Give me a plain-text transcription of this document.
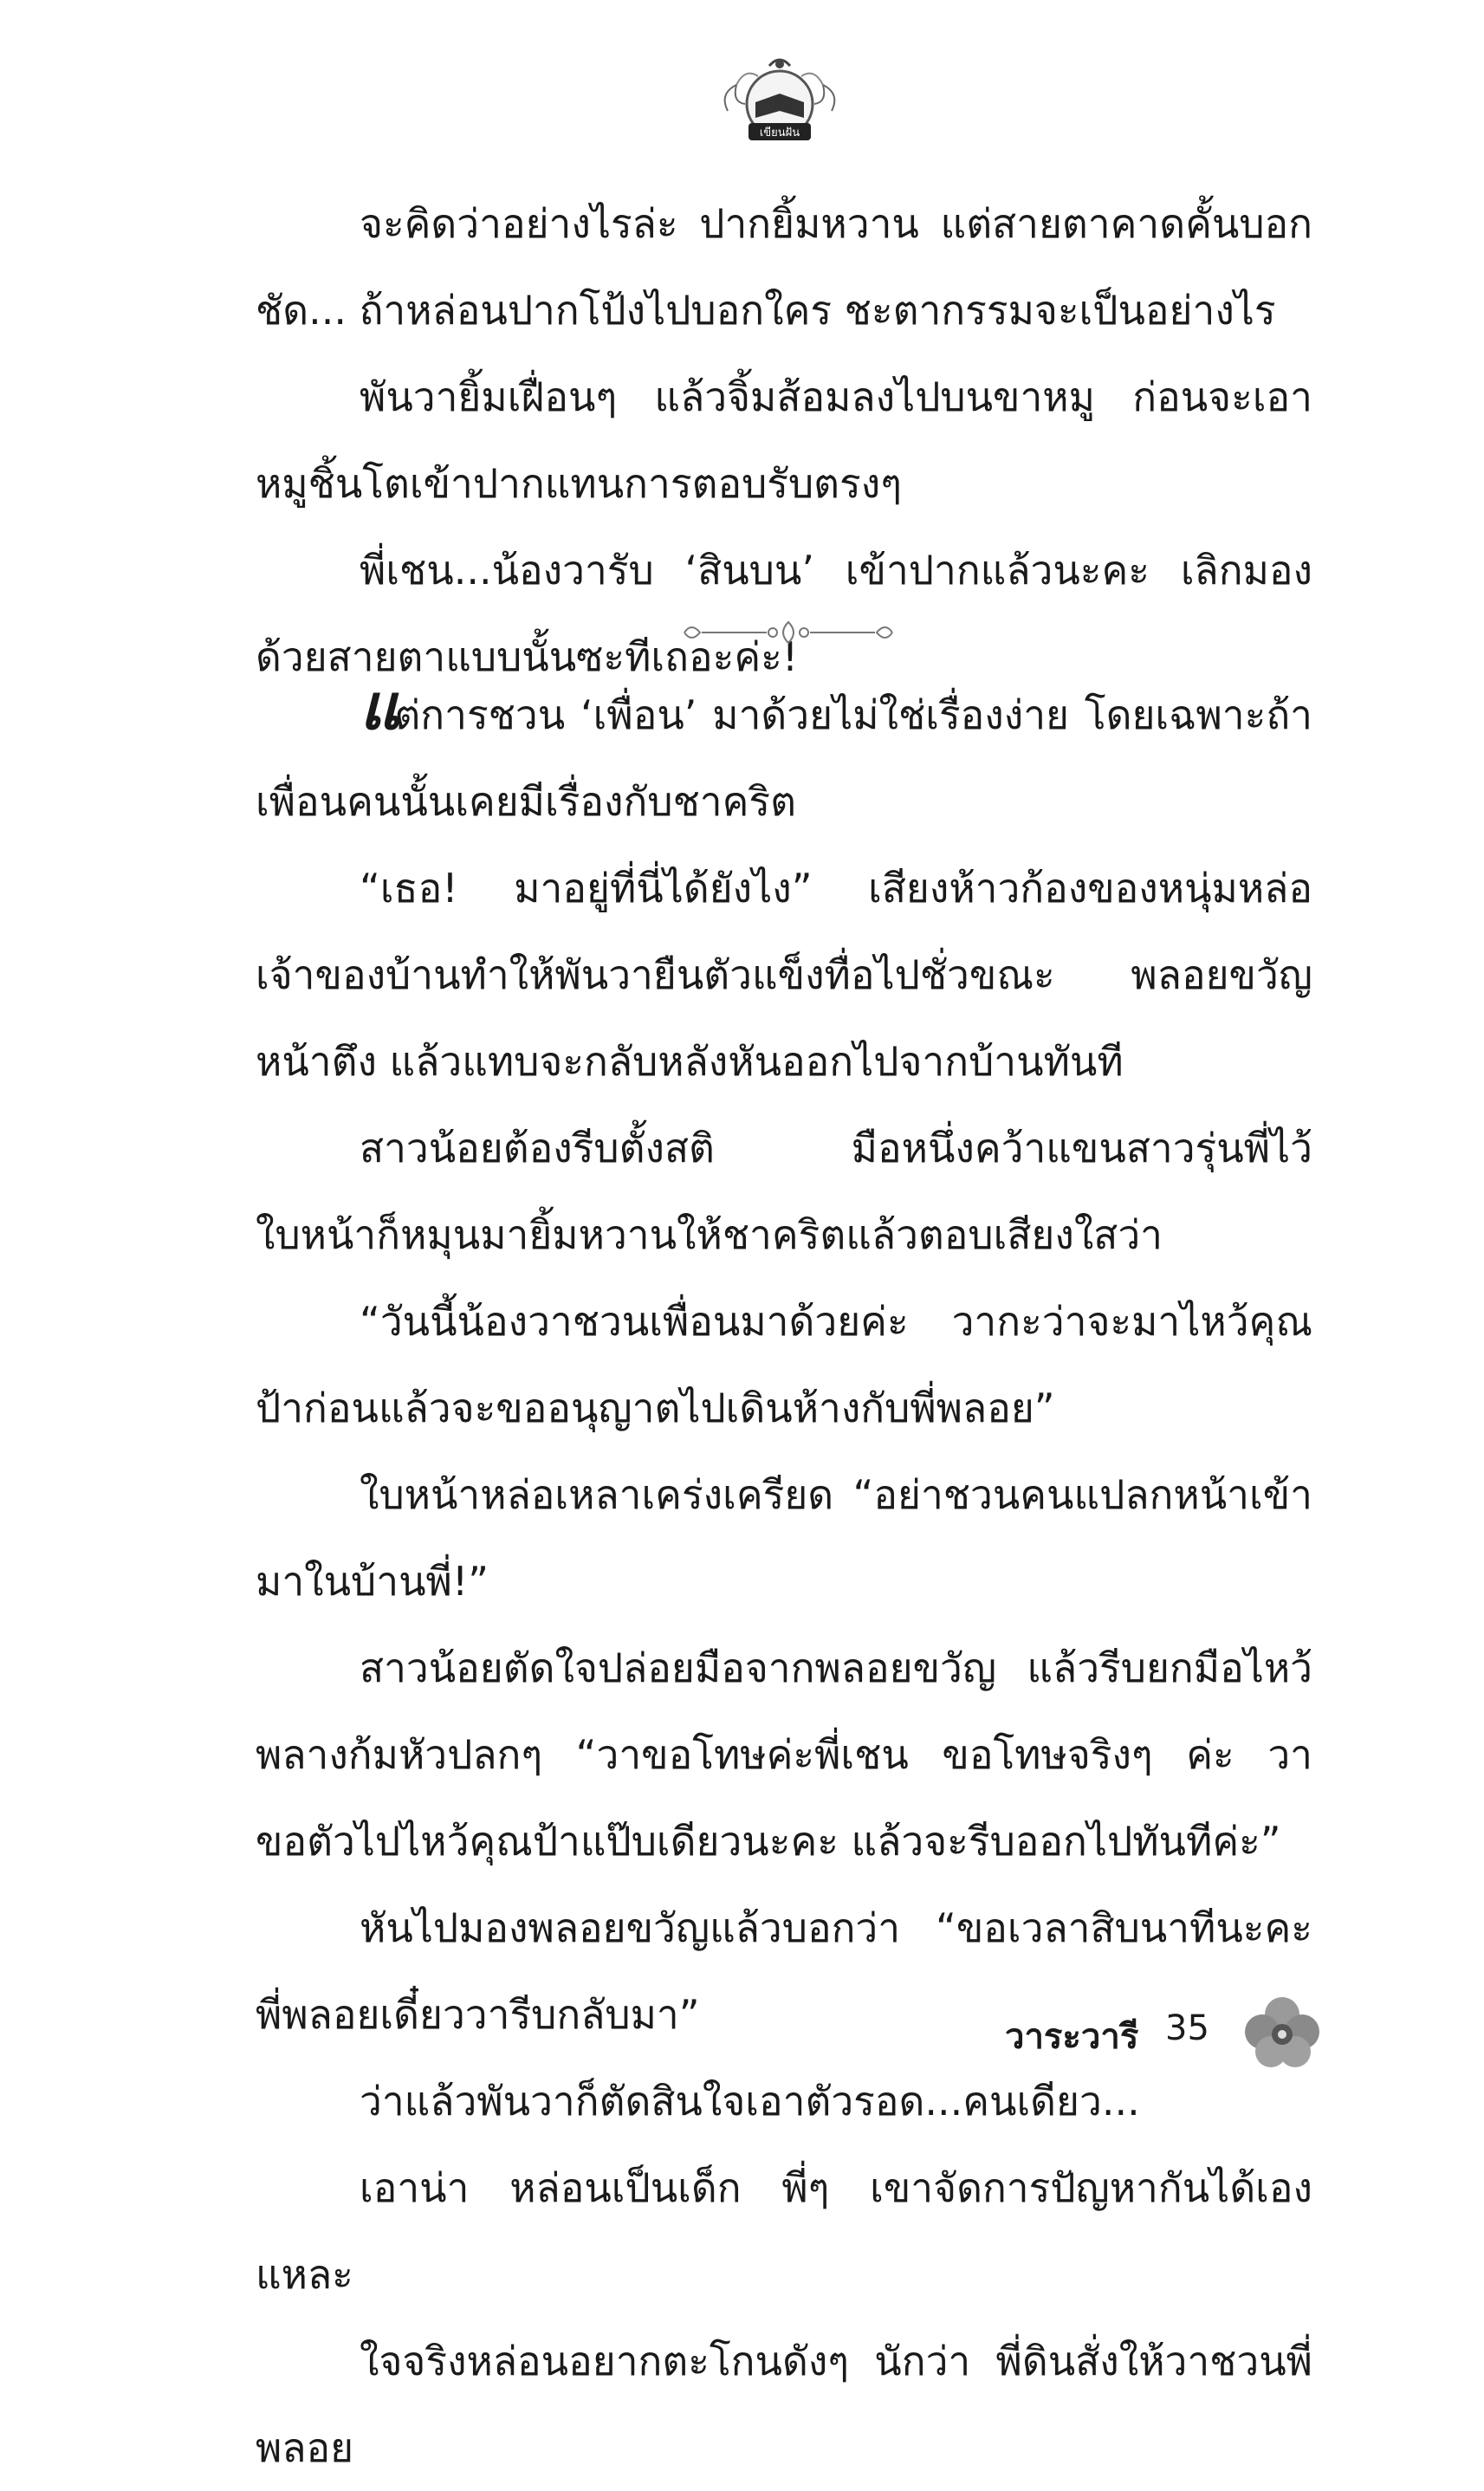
เขียนฝัน

จะคิดว่าอย่างไรล่ะ ปากยิ้มหวาน แต่สายตาคาดคั้นบอกชัด... ถ้าหล่อนปากโป้งไปบอกใคร ชะตากรรมจะเป็นอย่างไร

พันวายิ้มเฝื่อนๆ แล้วจิ้มส้อมลงไปบนขาหมู ก่อนจะเอาหมูชิ้นโตเข้าปากแทนการตอบรับตรงๆ

พี่เชน...น้องวารับ ‘สินบน’ เข้าปากแล้วนะคะ เลิกมองด้วยสายตาแบบนั้นซะทีเถอะค่ะ!

แต่การชวน ‘เพื่อน’ มาด้วยไม่ใช่เรื่องง่าย โดยเฉพาะถ้าเพื่อนคนนั้นเคยมีเรื่องกับชาคริต

“เธอ! มาอยู่ที่นี่ได้ยังไง” เสียงห้าวก้องของหนุ่มหล่อเจ้าของบ้านทำให้พันวายืนตัวแข็งทื่อไปชั่วขณะ พลอยขวัญหน้าตึง แล้วแทบจะกลับหลังหันออกไปจากบ้านทันที

สาวน้อยต้องรีบตั้งสติ มือหนึ่งคว้าแขนสาวรุ่นพี่ไว้ ใบหน้าก็หมุนมายิ้มหวานให้ชาคริตแล้วตอบเสียงใสว่า

“วันนี้น้องวาชวนเพื่อนมาด้วยค่ะ วากะว่าจะมาไหว้คุณป้าก่อนแล้วจะขออนุญาตไปเดินห้างกับพี่พลอย”

ใบหน้าหล่อเหลาเคร่งเครียด “อย่าชวนคนแปลกหน้าเข้ามาในบ้านพี่!”

สาวน้อยตัดใจปล่อยมือจากพลอยขวัญ แล้วรีบยกมือไหว้พลางก้มหัวปลกๆ “วาขอโทษค่ะพี่เชน ขอโทษจริงๆ ค่ะ วาขอตัวไปไหว้คุณป้าแป๊บเดียวนะคะ แล้วจะรีบออกไปทันทีค่ะ”

หันไปมองพลอยขวัญแล้วบอกว่า “ขอเวลาสิบนาทีนะคะ พี่พลอยเดี๋ยววารีบกลับมา”

ว่าแล้วพันวาก็ตัดสินใจเอาตัวรอด...คนเดียว...

เอาน่า หล่อนเป็นเด็ก พี่ๆ เขาจัดการปัญหากันได้เองแหละ

ใจจริงหล่อนอยากตะโกนดังๆ นักว่า พี่ดินสั่งให้วาชวนพี่พลอย

วาระวารี 35
